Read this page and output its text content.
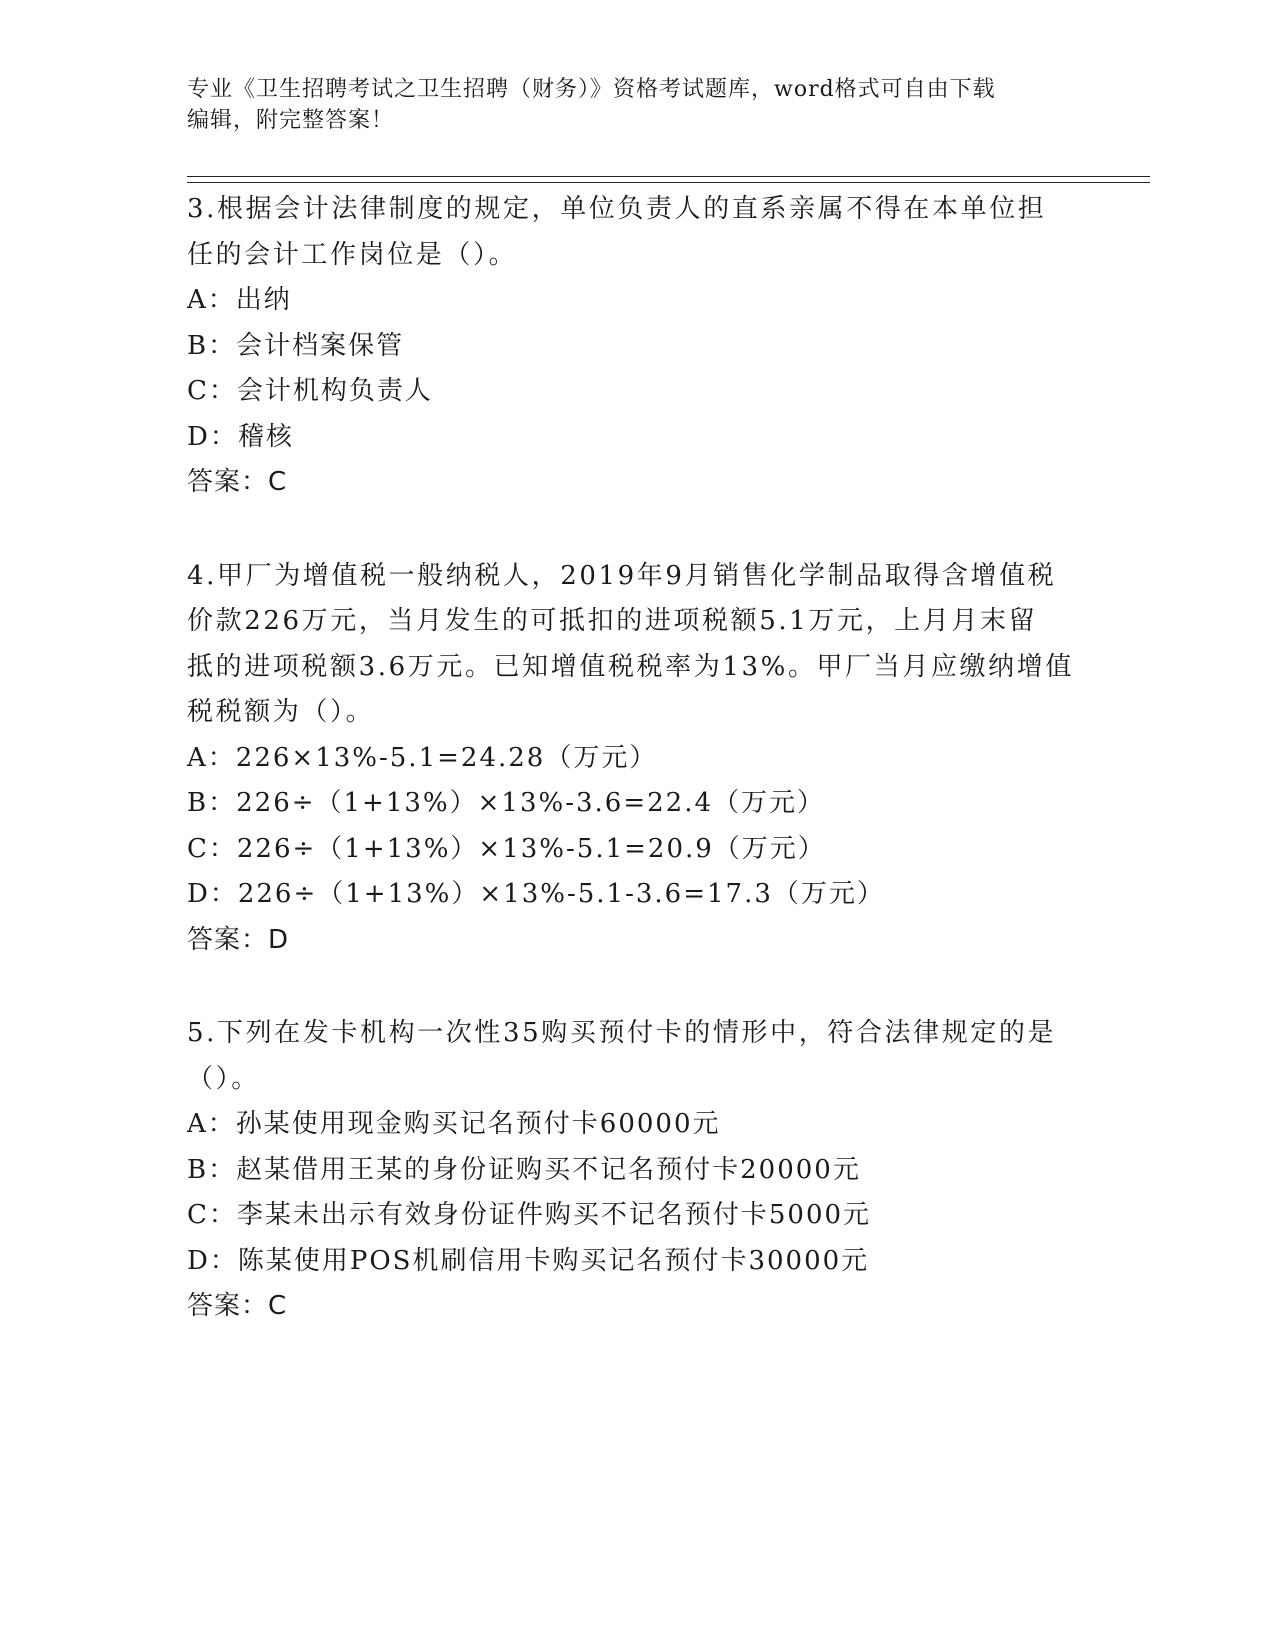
专业《卫生招聘考试之卫生招聘（财务）》资格考试题库，word格式可自由下载
编辑，附完整答案！
3.根据会计法律制度的规定，单位负责人的直系亲属不得在本单位担
任的会计工作岗位是（）。
A：出纳
B：会计档案保管
C：会计机构负责人
D：稽核
答案：C
4.甲厂为增值税一般纳税人，2019年9月销售化学制品取得含增值税
价款226万元，当月发生的可抵扣的进项税额5.1万元，上月月末留
抵的进项税额3.6万元。已知增值税税率为13%。甲厂当月应缴纳增值
税税额为（）。
A：226×13%-5.1=24.28（万元）
B：226÷（1+13%）×13%-3.6=22.4（万元）
C：226÷（1+13%）×13%-5.1=20.9（万元）
D：226÷（1+13%）×13%-5.1-3.6=17.3（万元）
答案：D
5.下列在发卡机构一次性35购买预付卡的情形中，符合法律规定的是
（）。
A：孙某使用现金购买记名预付卡60000元
B：赵某借用王某的身份证购买不记名预付卡20000元
C：李某未出示有效身份证件购买不记名预付卡5000元
D：陈某使用POS机刷信用卡购买记名预付卡30000元
答案：C
